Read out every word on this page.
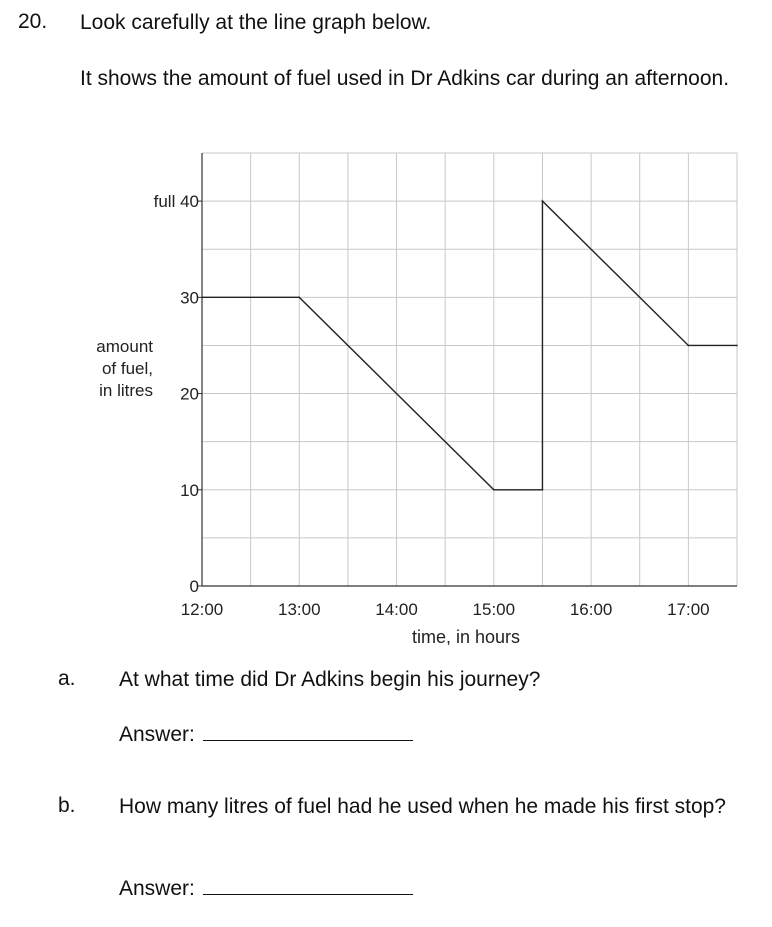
20. Look carefully at the line graph below.
It shows the amount of fuel used in Dr Adkins car during an afternoon.
0
10
20
30
full 40
12:00	13:00	14:00	15:00	16:00	17:00
amount
of fuel,
in litres
time, in hours
a. At what time did Dr Adkins begin his journey?
Answer:
b. How many litres of fuel had he used when he made his first stop?
Answer:
